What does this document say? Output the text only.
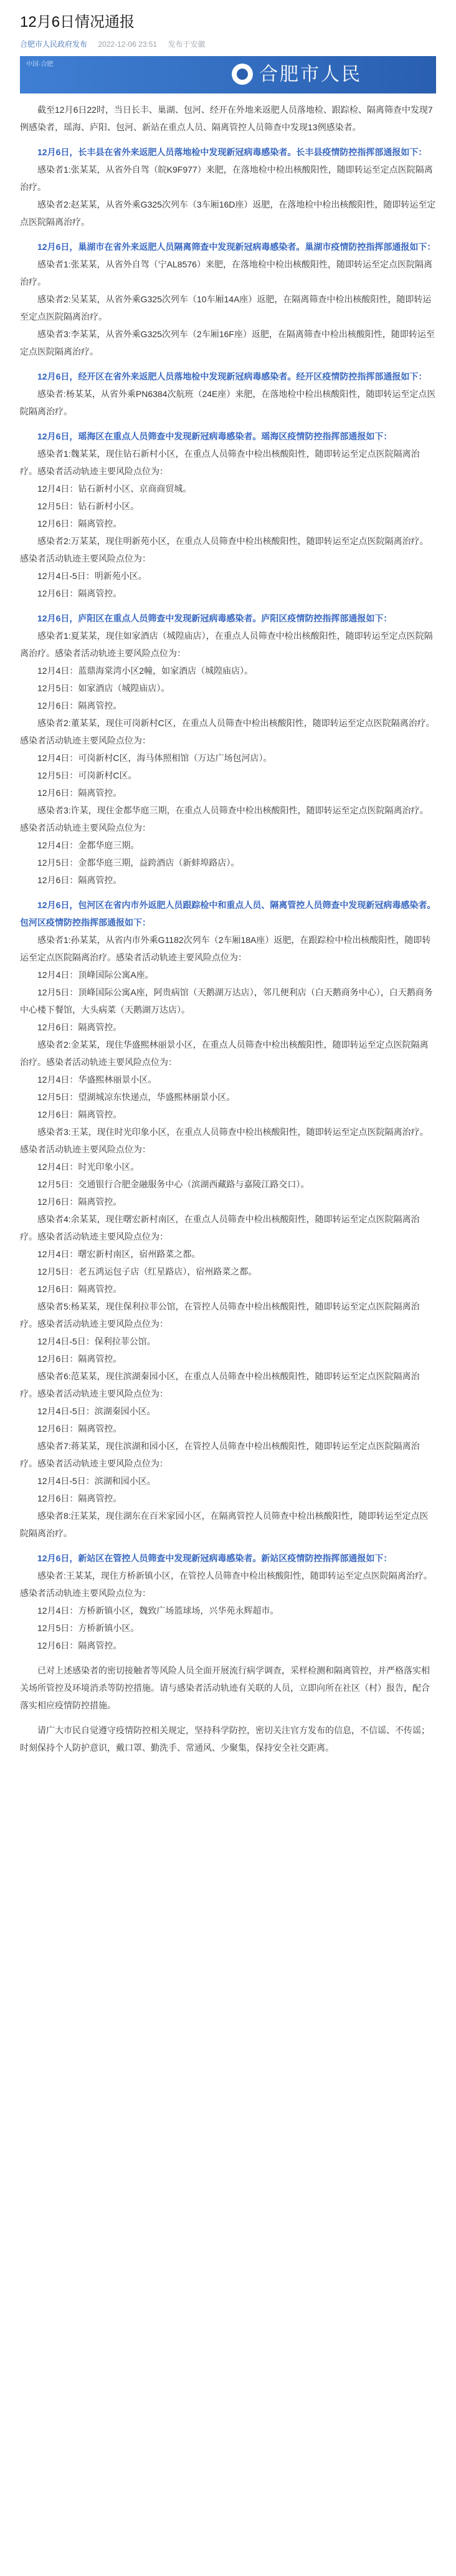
12月6日情况通报
合肥市人民政府发布 2022-12-06 23:51 发布于安徽
中国·合肥	合肥市人民

截至12月6日22时，当日长丰、巢湖、包河、经开在外地来返肥人员落地检、跟踪检、隔离筛查中发现7例感染者，瑶海、庐阳、包河、新站在重点人员、隔离管控人员筛查中发现13例感染者。

12月6日，长丰县在省外来返肥人员落地检中发现新冠病毒感染者。长丰县疫情防控指挥部通报如下：

感染者1:张某某，从省外自驾（皖K9F977）来肥，在落地检中检出核酸阳性，随即转运至定点医院隔离治疗。

感染者2:赵某某，从省外乘G325次列车（3车厢16D座）返肥，在落地检中检出核酸阳性，随即转运至定点医院隔离治疗。

12月6日，巢湖市在省外来返肥人员隔离筛查中发现新冠病毒感染者。巢湖市疫情防控指挥部通报如下：

感染者1:张某某，从省外自驾（宁AL8576）来肥，在落地检中检出核酸阳性，随即转运至定点医院隔离治疗。

感染者2:吴某某，从省外乘G325次列车（10车厢14A座）返肥，在隔离筛查中检出核酸阳性，随即转运至定点医院隔离治疗。

感染者3:李某某，从省外乘G325次列车（2车厢16F座）返肥，在隔离筛查中检出核酸阳性，随即转运至定点医院隔离治疗。

12月6日，经开区在省外来返肥人员落地检中发现新冠病毒感染者。经开区疫情防控指挥部通报如下：

感染者:杨某某，从省外乘PN6384次航班（24E座）来肥，在落地检中检出核酸阳性，随即转运至定点医院隔离治疗。

12月6日，瑶海区在重点人员筛查中发现新冠病毒感染者。瑶海区疫情防控指挥部通报如下：

感染者1:魏某某，现住钻石新村小区，在重点人员筛查中检出核酸阳性，随即转运至定点医院隔离治疗。感染者活动轨迹主要风险点位为：

12月4日：钻石新村小区、京商商贸城。

12月5日：钻石新村小区。

12月6日：隔离管控。

感染者2:万某某，现住明新苑小区，在重点人员筛查中检出核酸阳性，随即转运至定点医院隔离治疗。感染者活动轨迹主要风险点位为：

12月4日-5日：明新苑小区。

12月6日：隔离管控。

12月6日，庐阳区在重点人员筛查中发现新冠病毒感染者。庐阳区疫情防控指挥部通报如下：

感染者1:夏某某，现住如家酒店（城隍庙店），在重点人员筛查中检出核酸阳性，随即转运至定点医院隔离治疗。感染者活动轨迹主要风险点位为：

12月4日：蓝鼎海棠湾小区2幢，如家酒店（城隍庙店）。

12月5日：如家酒店（城隍庙店）。

12月6日：隔离管控。

感染者2:董某某，现住可岗新村C区，在重点人员筛查中检出核酸阳性，随即转运至定点医院隔离治疗。感染者活动轨迹主要风险点位为：

12月4日：可岗新村C区，海马体照相馆（万达广场包河店）。

12月5日：可岗新村C区。

12月6日：隔离管控。

感染者3:许某，现住金都华庭三期，在重点人员筛查中检出核酸阳性，随即转运至定点医院隔离治疗。感染者活动轨迹主要风险点位为：

12月4日：金都华庭三期。

12月5日：金都华庭三期，益跨酒店（新蚌埠路店）。

12月6日：隔离管控。

12月6日，包河区在省内市外返肥人员跟踪检中和重点人员、隔离管控人员筛查中发现新冠病毒感染者。包河区疫情防控指挥部通报如下：

感染者1:孙某某，从省内市外乘G1182次列车（2车厢18A座）返肥，在跟踪检中检出核酸阳性，随即转运至定点医院隔离治疗。感染者活动轨迹主要风险点位为：

12月4日：顶峰国际公寓A座。

12月5日：顶峰国际公寓A座，阿贵病馆（天鹅湖万达店），邻几便利店（白天鹅商务中心），白天鹅商务中心楼下餐馆，大头病菜（天鹅湖万达店）。

12月6日：隔离管控。

感染者2:金某某，现住华盛熙林丽景小区，在重点人员筛查中检出核酸阳性，随即转运至定点医院隔离治疗。感染者活动轨迹主要风险点位为：

12月4日：华盛熙林丽景小区。

12月5日：望湖城凉东快递点，华盛熙林丽景小区。

12月6日：隔离管控。

感染者3:王某，现住时光印象小区，在重点人员筛查中检出核酸阳性，随即转运至定点医院隔离治疗。感染者活动轨迹主要风险点位为：

12月4日：时光印象小区。

12月5日：交通银行合肥金融服务中心（滨湖西藏路与嘉陵江路交口）。

12月6日：隔离管控。

感染者4:余某某，现住曙宏新村南区，在重点人员筛查中检出核酸阳性，随即转运至定点医院隔离治疗。感染者活动轨迹主要风险点位为：

12月4日：曙宏新村南区，宿州路菜之都。

12月5日：老五鸿运包子店（红星路店），宿州路菜之都。

12月6日：隔离管控。

感染者5:杨某某，现住保利拉菲公馆，在管控人员筛查中检出核酸阳性，随即转运至定点医院隔离治疗。感染者活动轨迹主要风险点位为：

12月4日-5日：保利拉菲公馆。

12月6日：隔离管控。

感染者6:范某某，现住滨湖秦园小区，在重点人员筛查中检出核酸阳性，随即转运至定点医院隔离治疗。感染者活动轨迹主要风险点位为：

12月4日-5日：滨湖秦园小区。

12月6日：隔离管控。

感染者7:蒋某某，现住滨湖和园小区，在管控人员筛查中检出核酸阳性，随即转运至定点医院隔离治疗。感染者活动轨迹主要风险点位为：

12月4日-5日：滨湖和园小区。

12月6日：隔离管控。

感染者8:汪某某，现住湖东在百米家园小区，在隔离管控人员筛查中检出核酸阳性，随即转运至定点医院隔离治疗。

12月6日，新站区在管控人员筛查中发现新冠病毒感染者。新站区疫情防控指挥部通报如下：

感染者:王某某，现住方桥新镇小区，在管控人员筛查中检出核酸阳性，随即转运至定点医院隔离治疗。感染者活动轨迹主要风险点位为：

12月4日：方桥新镇小区，魏致广场篮球场，兴华苑永辉超市。

12月5日：方桥新镇小区。

12月6日：隔离管控。

已对上述感染者的密切接触者等风险人员全面开展流行病学调查，采样检测和隔离管控，并严格落实相关场所管控及环境消杀等防控措施。请与感染者活动轨迹有关联的人员，立即向所在社区（村）报告，配合落实相应疫情防控措施。

请广大市民自觉遵守疫情防控相关规定，坚持科学防控，密切关注官方发布的信息，不信谣、不传谣；时刻保持个人防护意识，戴口罩、勤洗手、常通风、少聚集，保持安全社交距离。
